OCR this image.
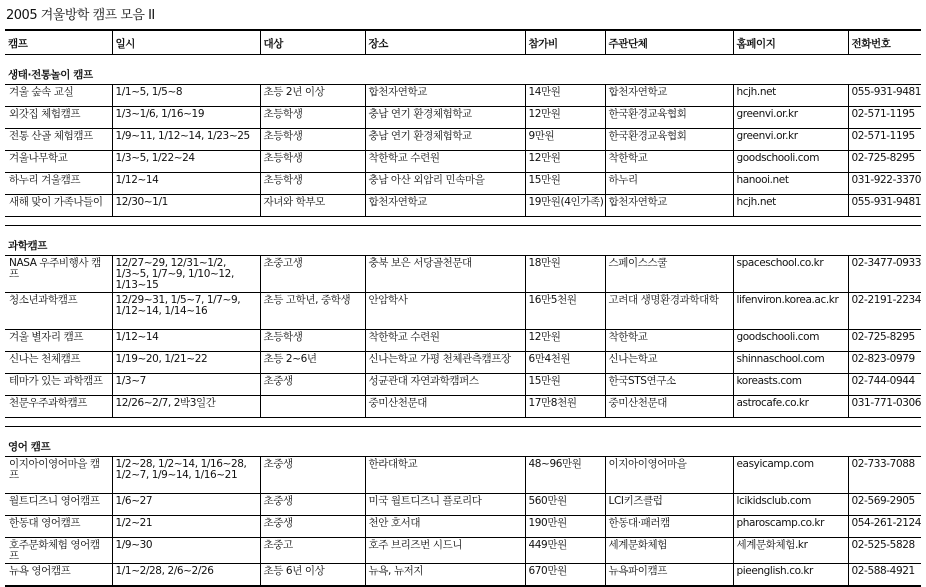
2005 겨울방학 캠프 모음 II
캠프	일시	대상	장소	참가비	주관단체	홈페이지	전화번호
생태·전통놀이 캠프							
겨울 숲속 교실	1/1~5, 1/5~8	초등 2년 이상	합천자연학교	14만원	합천자연학교	hcjh.net	055-931-9481
외갓집 체험캠프	1/3~1/6, 1/16~19	초등학생	충남 연기 환경체험학교	12만원	한국환경교육협회	greenvi.or.kr	02-571-1195
전통 산골 체험캠프	1/9~11, 1/12~14, 1/23~25	초등학생	충남 연기 환경체험학교	9만원	한국환경교육협회	greenvi.or.kr	02-571-1195
겨울나무학교	1/3~5, 1/22~24	초등학생	착한학교 수련원	12만원	착한학교	goodschooli.com	02-725-8295
하누리 겨울캠프	1/12~14	초등학생	충남 아산 외암리 민속마을	15만원	하누리	hanooi.net	031-922-3370
새해 맞이 가족나들이	12/30~1/1	자녀와 학부모	합천자연학교	19만원(4인가족)	합천자연학교	hcjh.net	055-931-9481

과학캠프							
NASA 우주비행사 캠프	12/27~29, 12/31~1/2, 1/3~5, 1/7~9, 1/10~12, 1/13~15	초중고생	충북 보은 서당골천문대	18만원	스페이스스쿨	spaceschool.co.kr	02-3477-0933
청소년과학캠프	12/29~31, 1/5~7, 1/7~9, 1/12~14, 1/14~16	초등 고학년, 중학생	안암학사	16만5천원	고려대 생명환경과학대학	lifenviron.korea.ac.kr	02-2191-2234
겨울 별자리 캠프	1/12~14	초등학생	착한학교 수련원	12만원	착한학교	goodschooli.com	02-725-8295
신나는 천체캠프	1/19~20, 1/21~22	초등 2~6년	신나는학교 가평 천체관측캠프장	6만4천원	신나는학교	shinnaschool.com	02-823-0979
테마가 있는 과학캠프	1/3~7	초중생	성균관대 자연과학캠퍼스	15만원	한국STS연구소	koreasts.com	02-744-0944
천문우주과학캠프	12/26~2/7, 2박3일간		중미산천문대	17만8천원	중미산천문대	astrocafe.co.kr	031-771-0306

영어 캠프							
이지아이영어마을 캠프	1/2~28, 1/2~14, 1/16~28, 1/2~7, 1/9~14, 1/16~21	초중생	한라대학교	48~96만원	이지아이영어마을	easyicamp.com	02-733-7088
월트디즈니 영어캠프	1/6~27	초중생	미국 월트디즈니 플로리다	560만원	LCI키즈클럽	lcikidsclub.com	02-569-2905
한동대 영어캠프	1/2~21	초중생	천안 호서대	190만원	한동대·패러캠	pharoscamp.co.kr	054-261-2124
호주문화체험 영어캠프	1/9~30	초중고	호주 브리즈번 시드니	449만원	세계문화체험	세계문화체험.kr	02-525-5828
뉴욕 영어캠프	1/1~2/28, 2/6~2/26	초등 6년 이상	뉴욕, 뉴저지	670만원	뉴욕파이캠프	pieenglish.co.kr	02-588-4921
